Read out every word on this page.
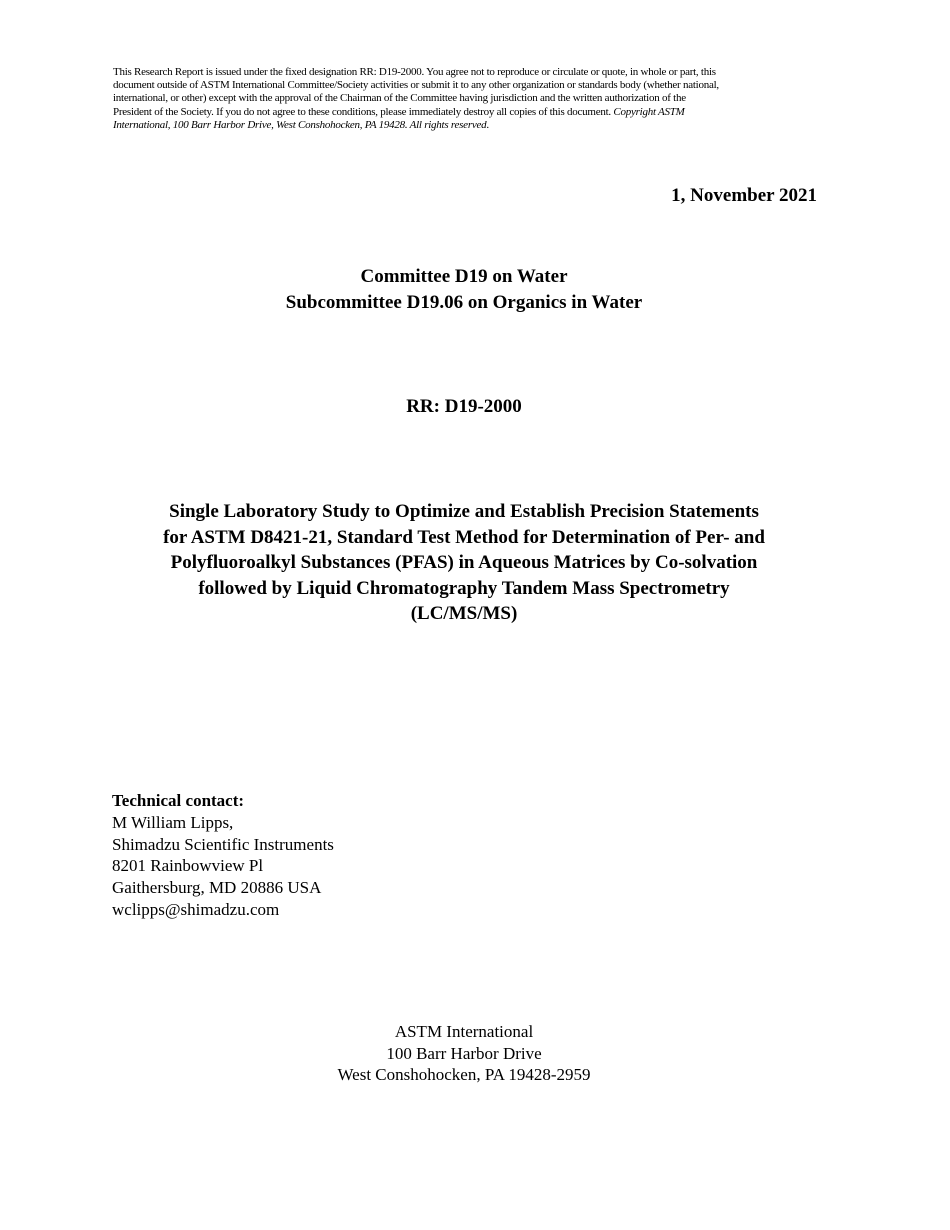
This Research Report is issued under the fixed designation RR: D19-2000. You agree not to reproduce or circulate or quote, in whole or part, this
document outside of ASTM International Committee/Society activities or submit it to any other organization or standards body (whether national,
international, or other) except with the approval of the Chairman of the Committee having jurisdiction and the written authorization of the
President of the Society. If you do not agree to these conditions, please immediately destroy all copies of this document. Copyright ASTM
International, 100 Barr Harbor Drive, West Conshohocken, PA 19428. All rights reserved.
1, November 2021
Committee D19 on Water
Subcommittee D19.06 on Organics in Water
RR: D19-2000
Single Laboratory Study to Optimize and Establish Precision Statements
for ASTM D8421-21, Standard Test Method for Determination of Per- and
Polyfluoroalkyl Substances (PFAS) in Aqueous Matrices by Co-solvation
followed by Liquid Chromatography Tandem Mass Spectrometry
(LC/MS/MS)
Technical contact:
M William Lipps,
Shimadzu Scientific Instruments
8201 Rainbowview Pl
Gaithersburg, MD 20886 USA
wclipps@shimadzu.com
ASTM International
100 Barr Harbor Drive
West Conshohocken, PA 19428-2959
